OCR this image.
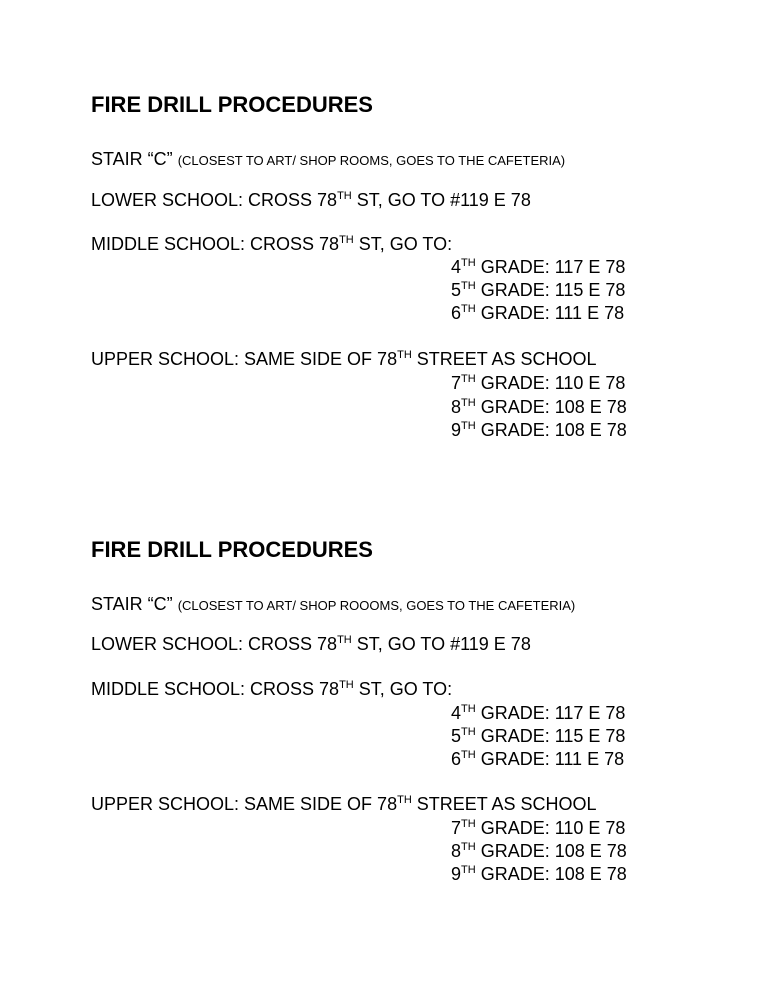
FIRE DRILL PROCEDURES
STAIR “C” (CLOSEST TO ART/ SHOP ROOMS, GOES TO THE CAFETERIA)
LOWER SCHOOL: CROSS 78TH ST, GO TO #119 E 78
MIDDLE SCHOOL: CROSS 78TH ST, GO TO:
4TH GRADE: 117 E 78
5TH GRADE: 115 E 78
6TH GRADE: 111 E 78
UPPER SCHOOL: SAME SIDE OF 78TH STREET AS SCHOOL
7TH GRADE: 110 E 78
8TH GRADE: 108 E 78
9TH GRADE: 108 E 78
FIRE DRILL PROCEDURES
STAIR “C” (CLOSEST TO ART/ SHOP ROOOMS, GOES TO THE CAFETERIA)
LOWER SCHOOL: CROSS 78TH ST, GO TO #119 E 78
MIDDLE SCHOOL: CROSS 78TH ST, GO TO:
4TH GRADE: 117 E 78
5TH GRADE: 115 E 78
6TH GRADE: 111 E 78
UPPER SCHOOL: SAME SIDE OF 78TH STREET AS SCHOOL
7TH GRADE: 110 E 78
8TH GRADE: 108 E 78
9TH GRADE: 108 E 78
